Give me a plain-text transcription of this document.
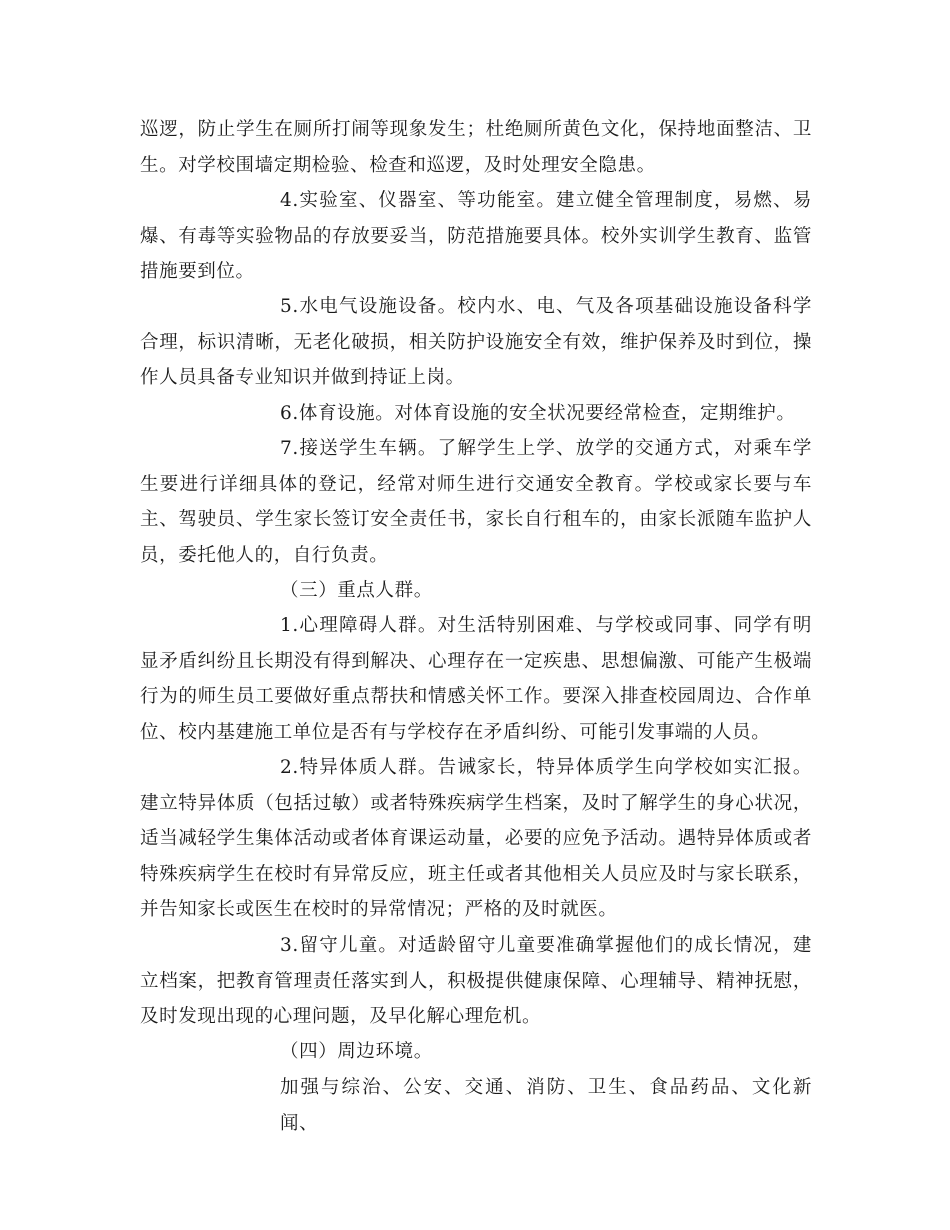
巡逻，防止学生在厕所打闹等现象发生；杜绝厕所黄色文化，保持地面整洁、卫生。对学校围墙定期检验、检查和巡逻，及时处理安全隐患。

4.实验室、仪器室、等功能室。建立健全管理制度，易燃、易爆、有毒等实验物品的存放要妥当，防范措施要具体。校外实训学生教育、监管措施要到位。

5.水电气设施设备。校内水、电、气及各项基础设施设备科学合理，标识清晰，无老化破损，相关防护设施安全有效，维护保养及时到位，操作人员具备专业知识并做到持证上岗。

6.体育设施。对体育设施的安全状况要经常检查，定期维护。

7.接送学生车辆。了解学生上学、放学的交通方式，对乘车学生要进行详细具体的登记，经常对师生进行交通安全教育。学校或家长要与车主、驾驶员、学生家长签订安全责任书，家长自行租车的，由家长派随车监护人员，委托他人的，自行负责。

（三）重点人群。

1.心理障碍人群。对生活特别困难、与学校或同事、同学有明显矛盾纠纷且长期没有得到解决、心理存在一定疾患、思想偏激、可能产生极端行为的师生员工要做好重点帮扶和情感关怀工作。要深入排查校园周边、合作单位、校内基建施工单位是否有与学校存在矛盾纠纷、可能引发事端的人员。

2.特异体质人群。告诫家长，特异体质学生向学校如实汇报。建立特异体质（包括过敏）或者特殊疾病学生档案，及时了解学生的身心状况，适当减轻学生集体活动或者体育课运动量，必要的应免予活动。遇特异体质或者特殊疾病学生在校时有异常反应，班主任或者其他相关人员应及时与家长联系，并告知家长或医生在校时的异常情况；严格的及时就医。

3.留守儿童。对适龄留守儿童要准确掌握他们的成长情况，建立档案，把教育管理责任落实到人，积极提供健康保障、心理辅导、精神抚慰，及时发现出现的心理问题，及早化解心理危机。

（四）周边环境。

加强与综治、公安、交通、消防、卫生、食品药品、文化新闻、
